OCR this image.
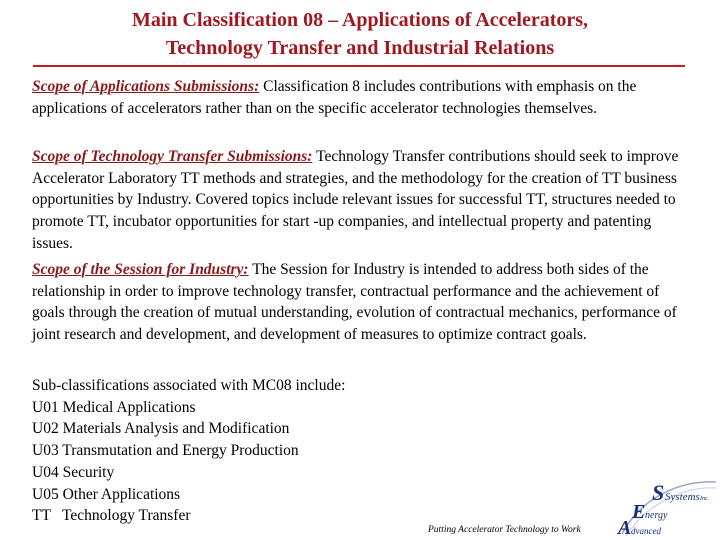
Main Classification 08 – Applications of Accelerators,
Technology Transfer and Industrial Relations
Scope of Applications Submissions: Classification 8 includes contributions with emphasis on the applications of accelerators rather than on the specific accelerator technologies themselves.
Scope of Technology Transfer Submissions: Technology Transfer contributions should seek to improve Accelerator Laboratory TT methods and strategies, and the methodology for the creation of TT business opportunities by Industry. Covered topics include relevant issues for successful TT, structures needed to promote TT, incubator opportunities for start -up companies, and intellectual property and patenting issues.
Scope of the Session for Industry: The Session for Industry is intended to address both sides of the relationship in order to improve technology transfer, contractual performance and the achievement of goals through the creation of mutual understanding, evolution of contractual mechanics, performance of joint research and development, and development of measures to optimize contract goals.
Sub-classifications associated with MC08 include:
U01 Medical Applications
U02 Materials Analysis and Modification
U03 Transmutation and Energy Production
U04 Security
U05 Other Applications
TT   Technology Transfer
Putting Accelerator Technology to Work
S Systems Inc.
E nergy
A dvanced
